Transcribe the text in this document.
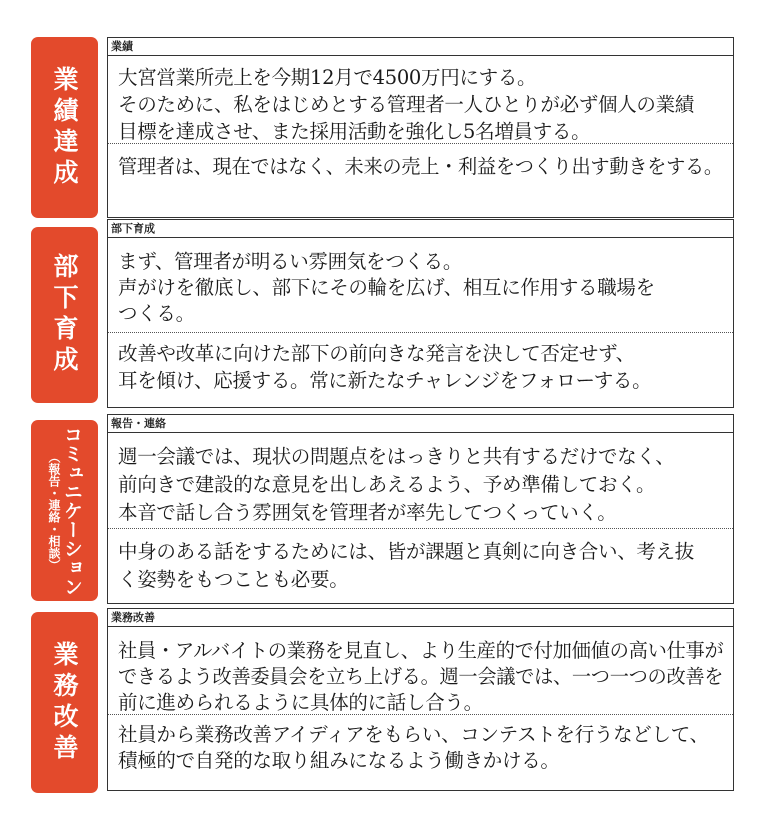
業績達成
業績
大宮営業所売上を今期12月で4500万円にする。
そのために、私をはじめとする管理者一人ひとりが必ず個人の業績
目標を達成させ、また採用活動を強化し5名増員する。
管理者は、現在ではなく、未来の売上・利益をつくり出す動きをする。
部下育成
部下育成
まず、管理者が明るい雰囲気をつくる。
声がけを徹底し、部下にその輪を広げ、相互に作用する職場を
つくる。
改善や改革に向けた部下の前向きな発言を決して否定せず、
耳を傾け、応援する。常に新たなチャレンジをフォローする。
コミュニケーション
（報告・連絡・相談）
報告・連絡
週一会議では、現状の問題点をはっきりと共有するだけでなく、
前向きで建設的な意見を出しあえるよう、予め準備しておく。
本音で話し合う雰囲気を管理者が率先してつくっていく。
中身のある話をするためには、皆が課題と真剣に向き合い、考え抜
く姿勢をもつことも必要。
業務改善
業務改善
社員・アルバイトの業務を見直し、より生産的で付加価値の高い仕事が
できるよう改善委員会を立ち上げる。週一会議では、一つ一つの改善を
前に進められるように具体的に話し合う。
社員から業務改善アイディアをもらい、コンテストを行うなどして、
積極的で自発的な取り組みになるよう働きかける。
